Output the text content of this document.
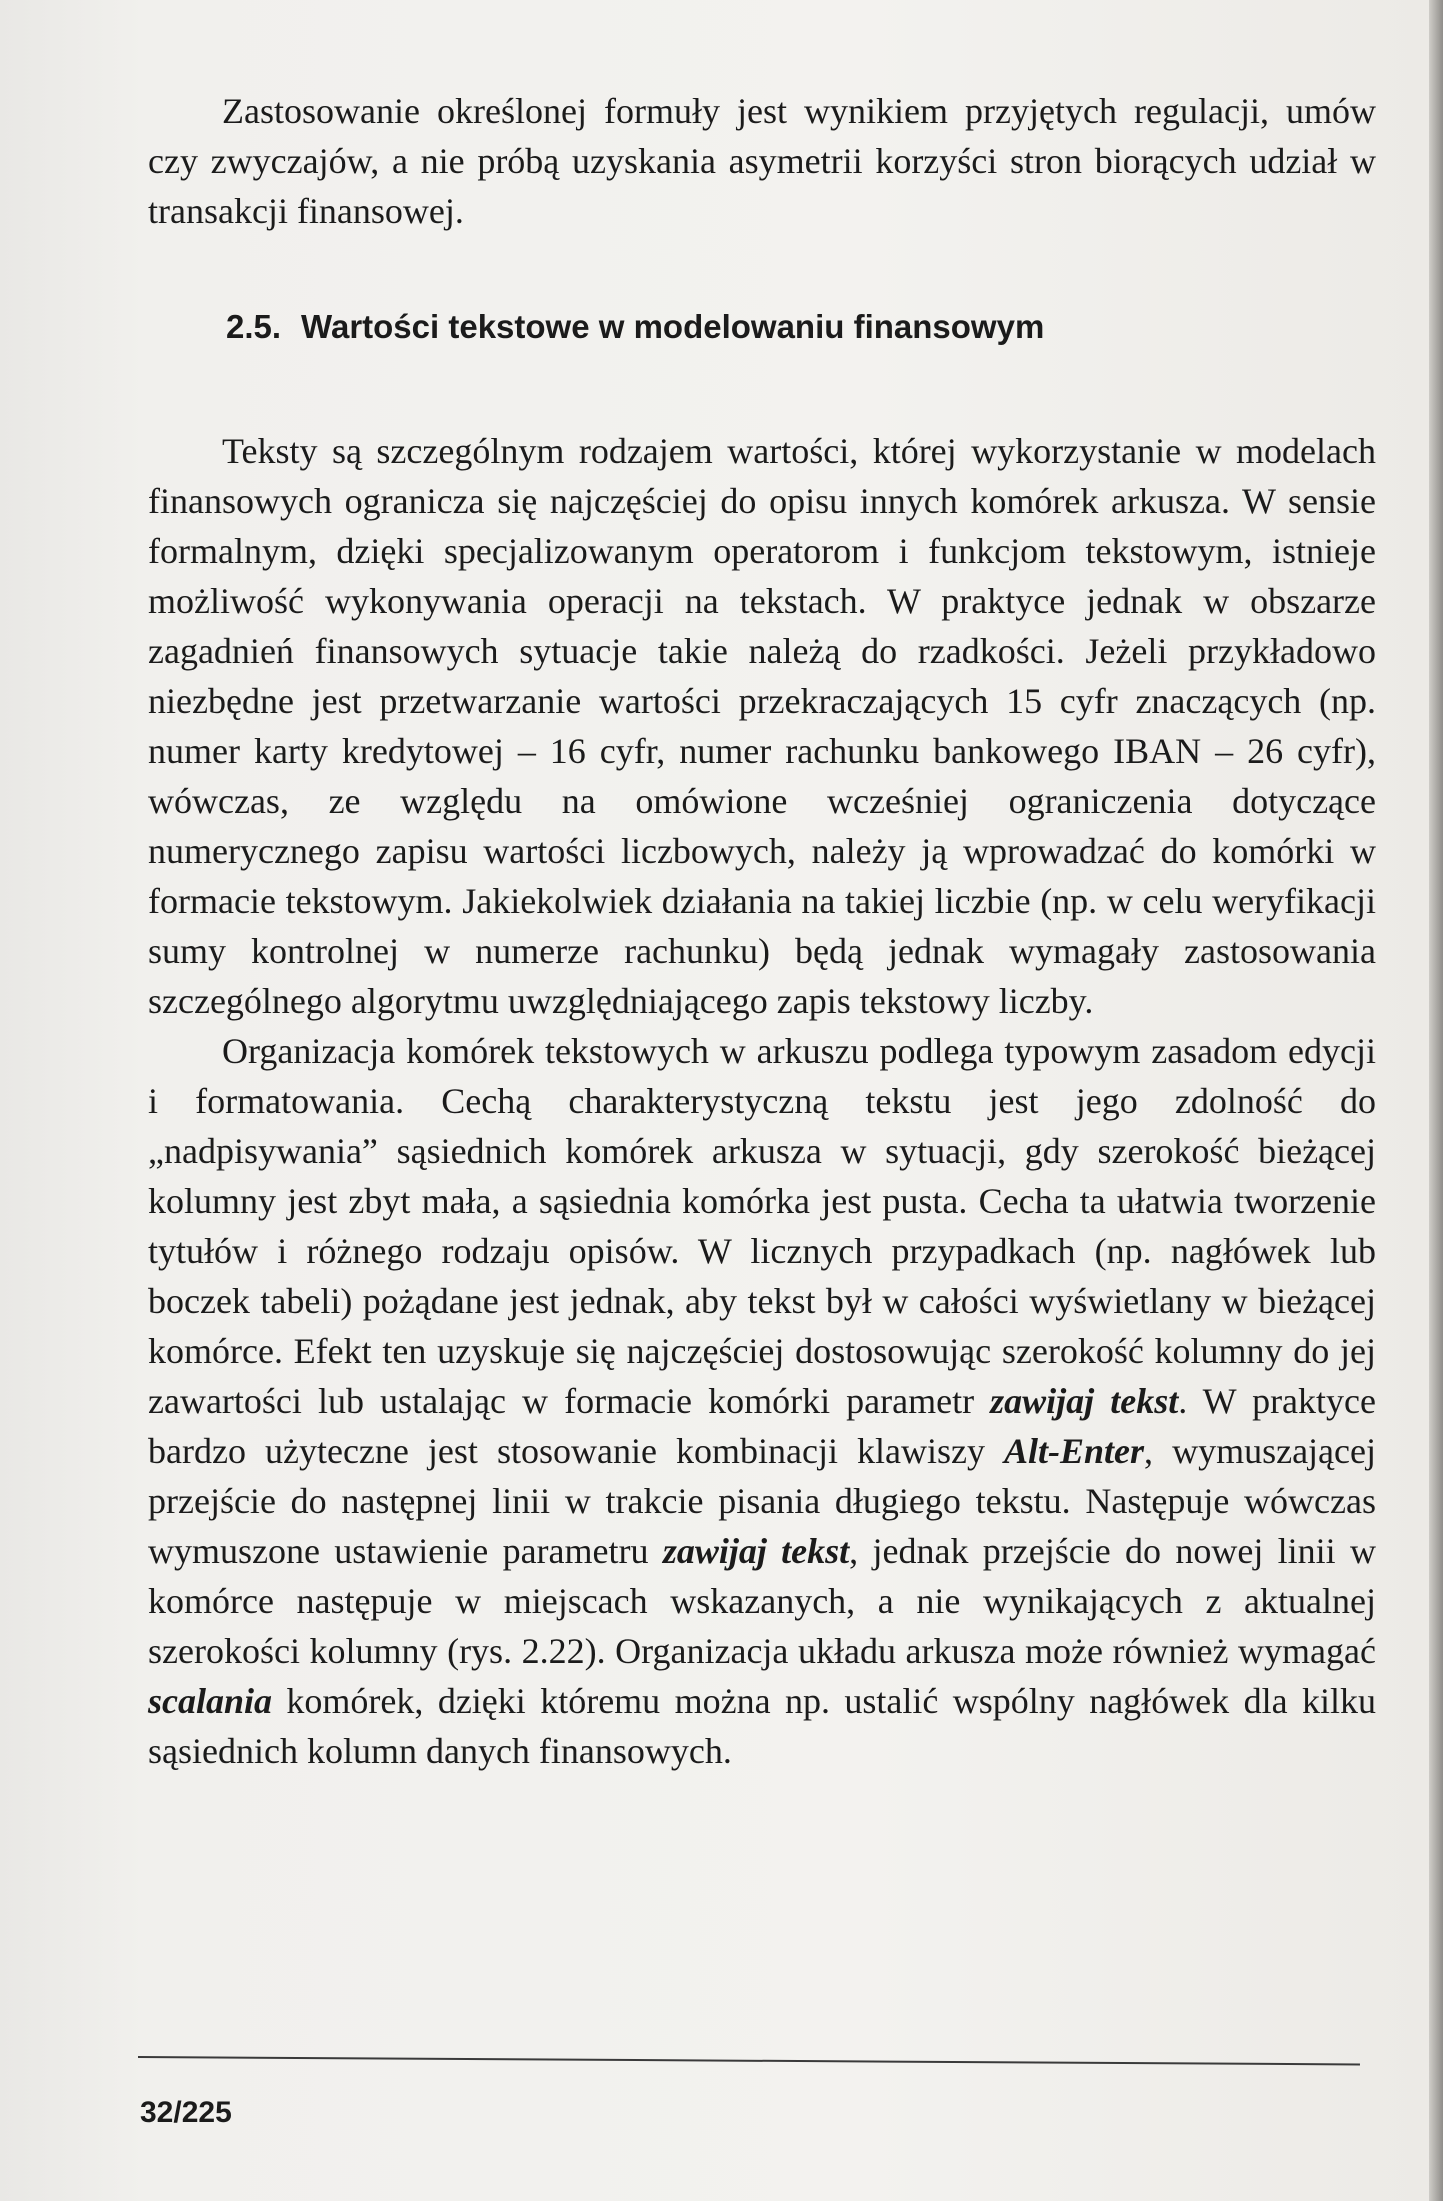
Zastosowanie określonej formuły jest wynikiem przyjętych regulacji, umów czy zwyczajów, a nie próbą uzyskania asymetrii korzyści stron biorących udział w transakcji finansowej.

2.5. Wartości tekstowe w modelowaniu finansowym

Teksty są szczególnym rodzajem wartości, której wykorzystanie w modelach finansowych ogranicza się najczęściej do opisu innych komórek arkusza. W sensie formalnym, dzięki specjalizowanym operatorom i funkcjom tekstowym, istnieje możliwość wykonywania operacji na tekstach. W praktyce jednak w obszarze zagadnień finansowych sytuacje takie należą do rzadkości. Jeżeli przykładowo niezbędne jest przetwarzanie wartości przekraczających 15 cyfr znaczących (np. numer karty kredytowej – 16 cyfr, numer rachunku bankowego IBAN – 26 cyfr), wówczas, ze względu na omówione wcześniej ograniczenia dotyczące numerycznego zapisu wartości liczbowych, należy ją wprowadzać do komórki w formacie tekstowym. Jakiekolwiek działania na takiej liczbie (np. w celu weryfikacji sumy kontrolnej w numerze rachunku) będą jednak wymagały zastosowania szczególnego algorytmu uwzględniającego zapis tekstowy liczby.

Organizacja komórek tekstowych w arkuszu podlega typowym zasadom edycji i formatowania. Cechą charakterystyczną tekstu jest jego zdolność do „nadpisywania” sąsiednich komórek arkusza w sytuacji, gdy szerokość bieżącej kolumny jest zbyt mała, a sąsiednia komórka jest pusta. Cecha ta ułatwia tworzenie tytułów i różnego rodzaju opisów. W licznych przypadkach (np. nagłówek lub boczek tabeli) pożądane jest jednak, aby tekst był w całości wyświetlany w bieżącej komórce. Efekt ten uzyskuje się najczęściej dostosowując szerokość kolumny do jej zawartości lub ustalając w formacie komórki parametr zawijaj tekst. W praktyce bardzo użyteczne jest stosowanie kombinacji klawiszy Alt-Enter, wymuszającej przejście do następnej linii w trakcie pisania długiego tekstu. Następuje wówczas wymuszone ustawienie parametru zawijaj tekst, jednak przejście do nowej linii w komórce następuje w miejscach wskazanych, a nie wynikających z aktualnej szerokości kolumny (rys. 2.22). Organizacja układu arkusza może również wymagać scalania komórek, dzięki któremu można np. ustalić wspólny nagłówek dla kilku sąsiednich kolumn danych finansowych.

32/225
